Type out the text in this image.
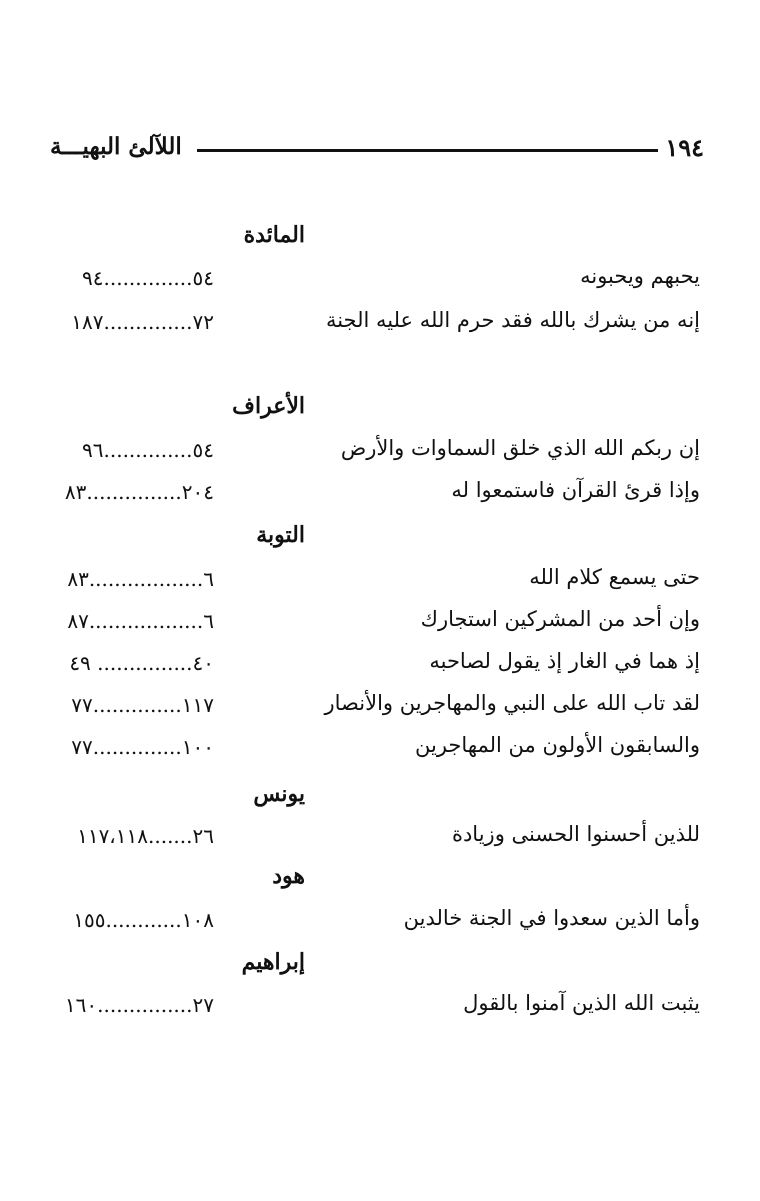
١٩٤
اللآلئ البهيـــة
المائدة
يحبهم ويحبونه
٥٤..............٩٤
إنه من يشرك بالله فقد حرم الله عليه الجنة
٧٢..............١٨٧
الأعراف
إن ربكم الله الذي خلق السماوات والأرض
٥٤..............٩٦
وإذا قرئ القرآن فاستمعوا له
٢٠٤...............٨٣
التوبة
حتى يسمع كلام الله
٦..................٨٣
وإن أحد من المشركين استجارك
٦..................٨٧
إذ هما في الغار إذ يقول لصاحبه
٤٠............... ٤٩
لقد تاب الله على النبي والمهاجرين والأنصار
١١٧..............٧٧
والسابقون الأولون من المهاجرين
١٠٠..............٧٧
يونس
للذين أحسنوا الحسنى وزيادة
٢٦.......١١٧،١١٨
هود
وأما الذين سعدوا في الجنة خالدين
١٠٨............١٥٥
إبراهيم
يثبت الله الذين آمنوا بالقول
٢٧...............١٦٠
